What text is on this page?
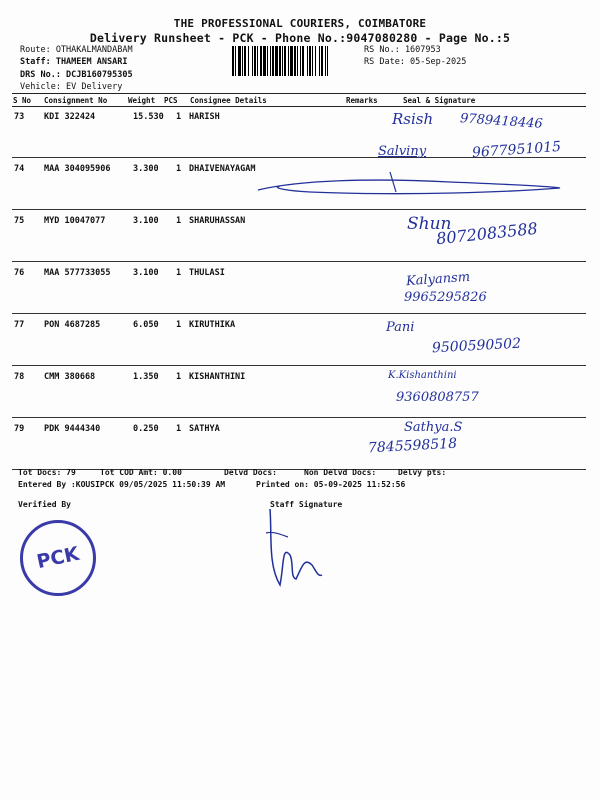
THE PROFESSIONAL COURIERS, COIMBATORE
Delivery Runsheet - PCK - Phone No.:9047080280 - Page No.:5
Route: OTHAKALMANDABAM
Staff: THAMEEM ANSARI
DRS No.: DCJB160795305
Vehicle: EV Delivery
RS No.: 1607953
RS Date: 05-Sep-2025
S No Consignment No	Weight PCS Consignee Details	Remarks	Seal & Signature
73 KDI 322424	15.530 1 HARISH	Rsish 9789418446
74 MAA 304095906	3.300 1 DHAIVENAYAGAM
Salviny	9677951015
75 MYD 10047077	3.100 1 SHARUHASSAN	Shun
8072083588
76 MAA 577733055	3.100 1 THULASI	Kalyansm
9965295826
77 PON 4687285	6.050 1 KIRUTHIKA	Pani
9500590502
78 CMM 380668	1.350 1 KISHANTHINI	K.Kishanthini
9360808757
79 PDK 9444340	0.250 1 SATHYA	Sathya.S
7845598518
Tot Docs: 79	Tot COD Amt: 0.00	Delvd Docs:	Non Delvd Docs:	Delvy pts:
Entered By :KOUSIPCK 09/05/2025 11:50:39 AM	Printed on: 05-09-2025 11:52:56
Verified By	Staff Signature
PCK
